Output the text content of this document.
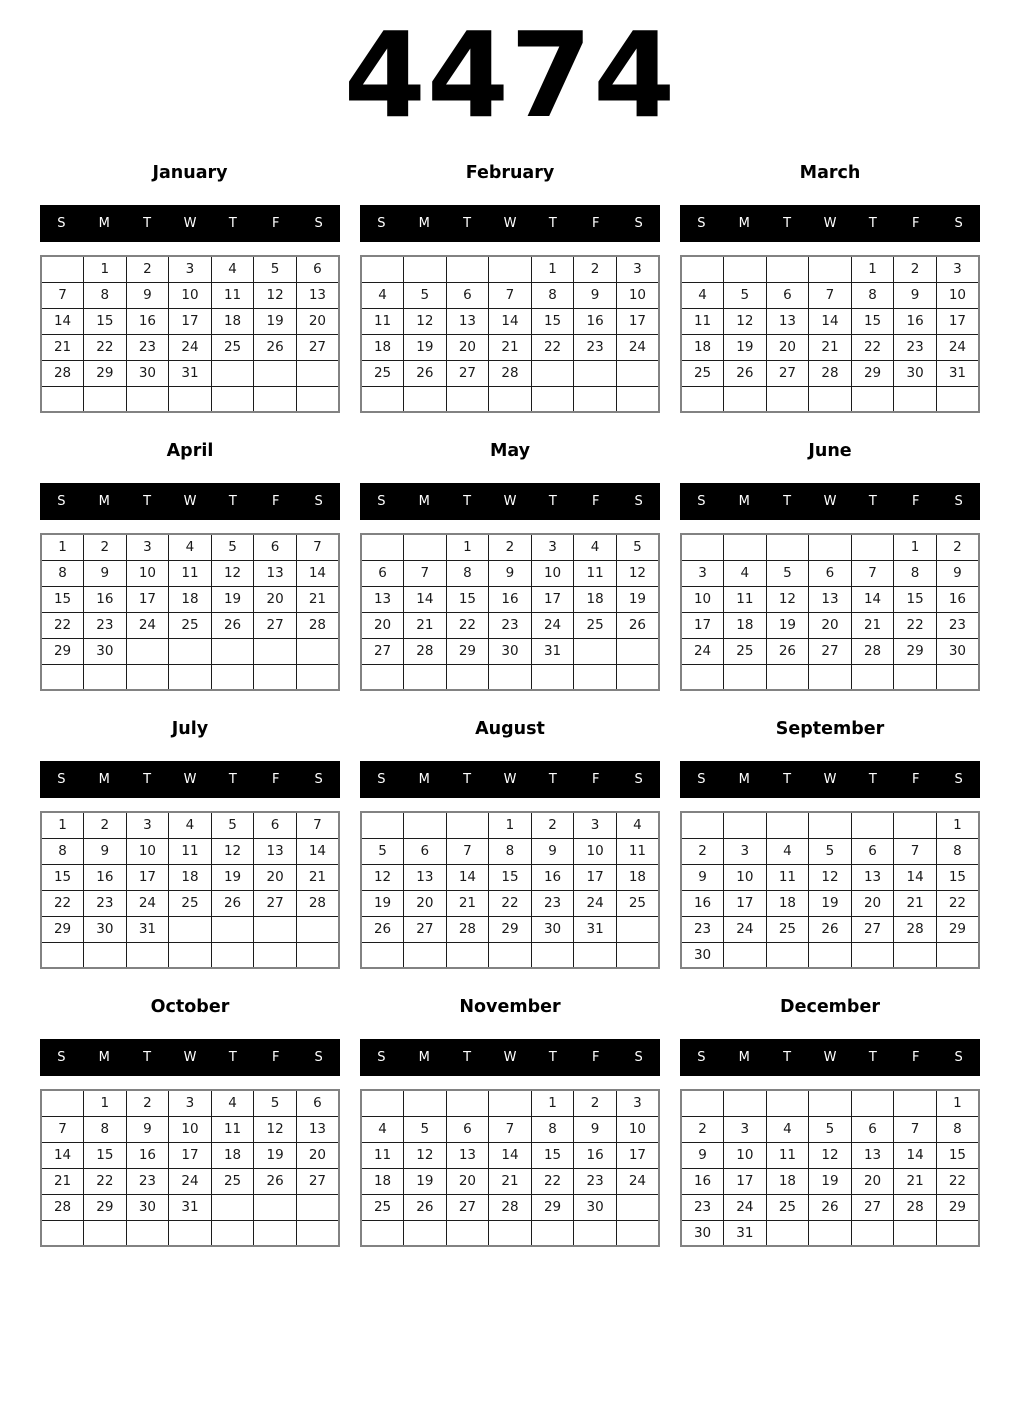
4474
January
S	M	T	W	T	F	S
	1	2	3	4	5	6
7	8	9	10	11	12	13
14	15	16	17	18	19	20
21	22	23	24	25	26	27
28	29	30	31			

February
S	M	T	W	T	F	S
				1	2	3
4	5	6	7	8	9	10
11	12	13	14	15	16	17
18	19	20	21	22	23	24
25	26	27	28			

March
S	M	T	W	T	F	S
				1	2	3
4	5	6	7	8	9	10
11	12	13	14	15	16	17
18	19	20	21	22	23	24
25	26	27	28	29	30	31

April
S	M	T	W	T	F	S
1	2	3	4	5	6	7
8	9	10	11	12	13	14
15	16	17	18	19	20	21
22	23	24	25	26	27	28
29	30					

May
S	M	T	W	T	F	S
		1	2	3	4	5
6	7	8	9	10	11	12
13	14	15	16	17	18	19
20	21	22	23	24	25	26
27	28	29	30	31		

June
S	M	T	W	T	F	S
					1	2
3	4	5	6	7	8	9
10	11	12	13	14	15	16
17	18	19	20	21	22	23
24	25	26	27	28	29	30

July
S	M	T	W	T	F	S
1	2	3	4	5	6	7
8	9	10	11	12	13	14
15	16	17	18	19	20	21
22	23	24	25	26	27	28
29	30	31				

August
S	M	T	W	T	F	S
			1	2	3	4
5	6	7	8	9	10	11
12	13	14	15	16	17	18
19	20	21	22	23	24	25
26	27	28	29	30	31	

September
S	M	T	W	T	F	S
						1
2	3	4	5	6	7	8
9	10	11	12	13	14	15
16	17	18	19	20	21	22
23	24	25	26	27	28	29
30						
October
S	M	T	W	T	F	S
	1	2	3	4	5	6
7	8	9	10	11	12	13
14	15	16	17	18	19	20
21	22	23	24	25	26	27
28	29	30	31			

November
S	M	T	W	T	F	S
				1	2	3
4	5	6	7	8	9	10
11	12	13	14	15	16	17
18	19	20	21	22	23	24
25	26	27	28	29	30	

December
S	M	T	W	T	F	S
						1
2	3	4	5	6	7	8
9	10	11	12	13	14	15
16	17	18	19	20	21	22
23	24	25	26	27	28	29
30	31					
